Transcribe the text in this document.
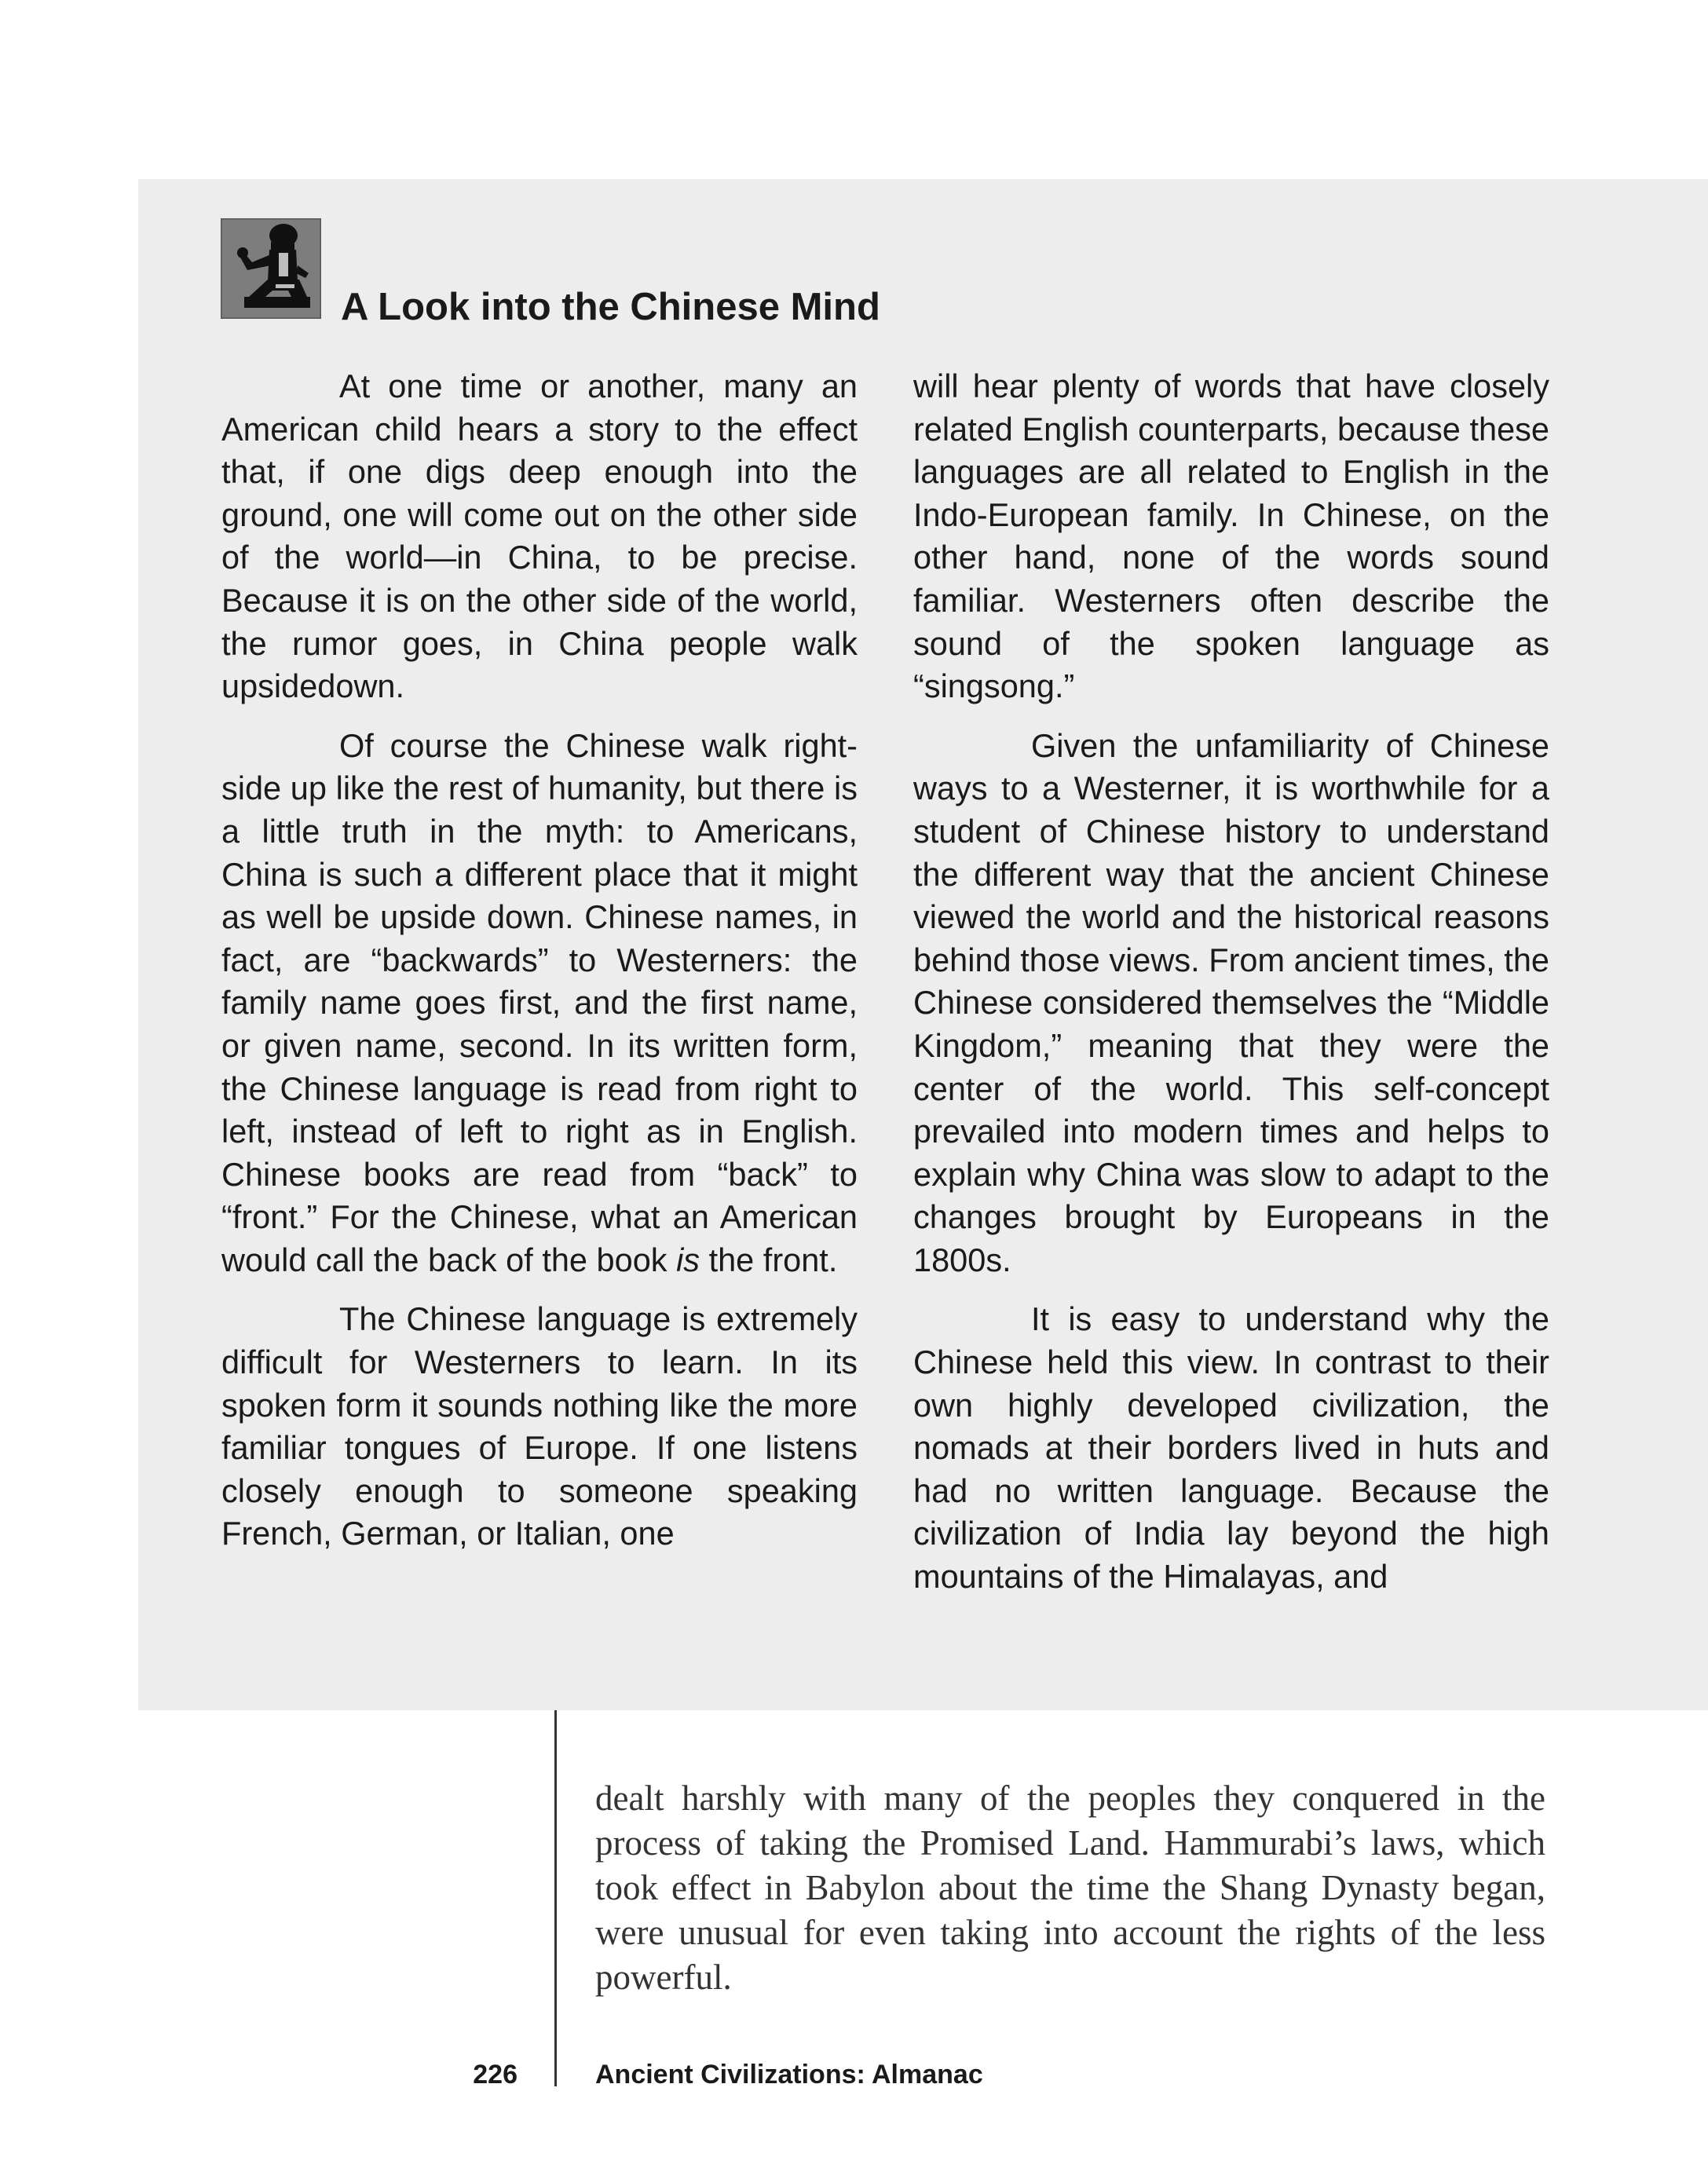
A Look into the Chinese Mind

At one time or another, many an American child hears a story to the effect that, if one digs deep enough into the ground, one will come out on the other side of the world—in China, to be precise. Because it is on the other side of the world, the rumor goes, in China people walk upsidedown.

Of course the Chinese walk right-side up like the rest of humanity, but there is a little truth in the myth: to Americans, China is such a different place that it might as well be upside down. Chinese names, in fact, are “backwards” to Westerners: the family name goes first, and the first name, or given name, second. In its written form, the Chinese language is read from right to left, instead of left to right as in English. Chinese books are read from “back” to “front.” For the Chinese, what an American would call the back of the book is the front.

The Chinese language is extremely difficult for Westerners to learn. In its spoken form it sounds nothing like the more familiar tongues of Europe. If one listens closely enough to someone speaking French, German, or Italian, one

will hear plenty of words that have closely related English counterparts, because these languages are all related to English in the Indo-European family. In Chinese, on the other hand, none of the words sound familiar. Westerners often describe the sound of the spoken language as “singsong.”

Given the unfamiliarity of Chinese ways to a Westerner, it is worthwhile for a student of Chinese history to understand the different way that the ancient Chinese viewed the world and the historical reasons behind those views. From ancient times, the Chinese considered themselves the “Middle Kingdom,” meaning that they were the center of the world. This self-concept prevailed into modern times and helps to explain why China was slow to adapt to the changes brought by Europeans in the 1800s.

It is easy to understand why the Chinese held this view. In contrast to their own highly developed civilization, the nomads at their borders lived in huts and had no written language. Because the civilization of India lay beyond the high mountains of the Himalayas, and

dealt harshly with many of the peoples they conquered in the process of taking the Promised Land. Hammurabi’s laws, which took effect in Babylon about the time the Shang Dynasty began, were unusual for even taking into account the rights of the less powerful.

226	Ancient Civilizations: Almanac
